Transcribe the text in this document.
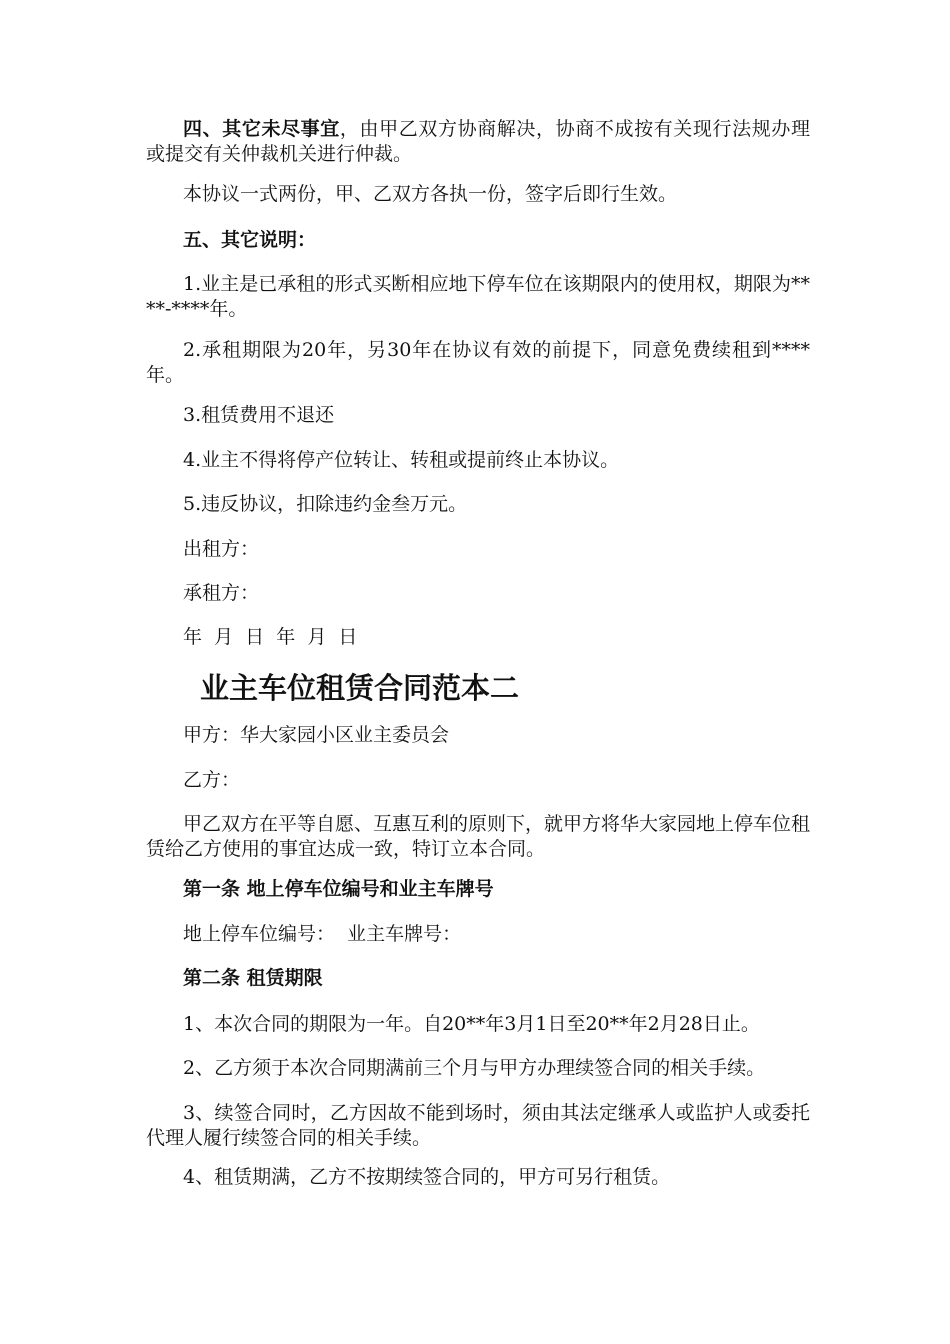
四、其它未尽事宜，由甲乙双方协商解决，协商不成按有关现行法规办理或提交有关仲裁机关进行仲裁。

本协议一式两份，甲、乙双方各执一份，签字后即行生效。

五、其它说明：

1.业主是已承租的形式买断相应地下停车位在该期限内的使用权，期限为****-****年。

2.承租期限为20年，另30年在协议有效的前提下，同意免费续租到****年。

3.租赁费用不退还

4.业主不得将停产位转让、转租或提前终止本协议。

5.违反协议，扣除违约金叁万元。

出租方：

承租方：

年  月  日  年  月  日

业主车位租赁合同范本二

甲方：华大家园小区业主委员会

乙方：

甲乙双方在平等自愿、互惠互利的原则下，就甲方将华大家园地上停车位租赁给乙方使用的事宜达成一致，特订立本合同。

第一条 地上停车位编号和业主车牌号

地上停车位编号：  业主车牌号：

第二条 租赁期限

1、本次合同的期限为一年。自20**年3月1日至20**年2月28日止。

2、乙方须于本次合同期满前三个月与甲方办理续签合同的相关手续。

3、续签合同时，乙方因故不能到场时，须由其法定继承人或监护人或委托代理人履行续签合同的相关手续。

4、租赁期满，乙方不按期续签合同的，甲方可另行租赁。
